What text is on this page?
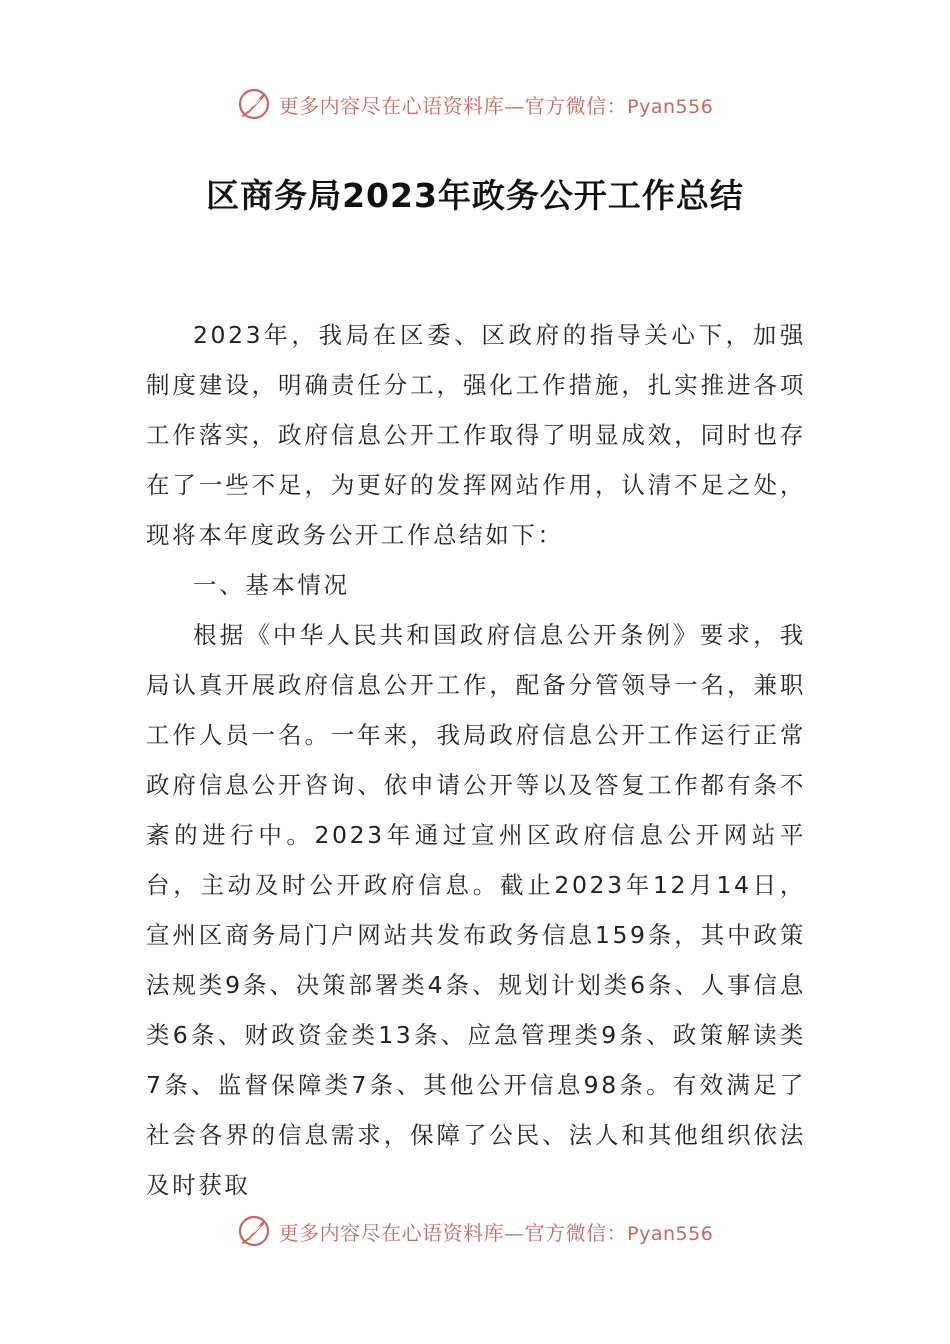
更多内容尽在心语资料库—官方微信：Pyan556
区商务局2023年政务公开工作总结

2023年，我局在区委、区政府的指导关心下，加强制度建设，明确责任分工，强化工作措施，扎实推进各项工作落实，政府信息公开工作取得了明显成效，同时也存在了一些不足，为更好的发挥网站作用，认清不足之处，现将本年度政务公开工作总结如下：

一、基本情况

根据《中华人民共和国政府信息公开条例》要求，我局认真开展政府信息公开工作，配备分管领导一名，兼职工作人员一名。一年来，我局政府信息公开工作运行正常政府信息公开咨询、依申请公开等以及答复工作都有条不紊的进行中。2023年通过宣州区政府信息公开网站平台，主动及时公开政府信息。截止2023年12月14日，宣州区商务局门户网站共发布政务信息159条，其中政策法规类9条、决策部署类4条、规划计划类6条、人事信息类6条、财政资金类13条、应急管理类9条、政策解读类7条、监督保障类7条、其他公开信息98条。有效满足了社会各界的信息需求，保障了公民、法人和其他组织依法及时获取

更多内容尽在心语资料库—官方微信：Pyan556
